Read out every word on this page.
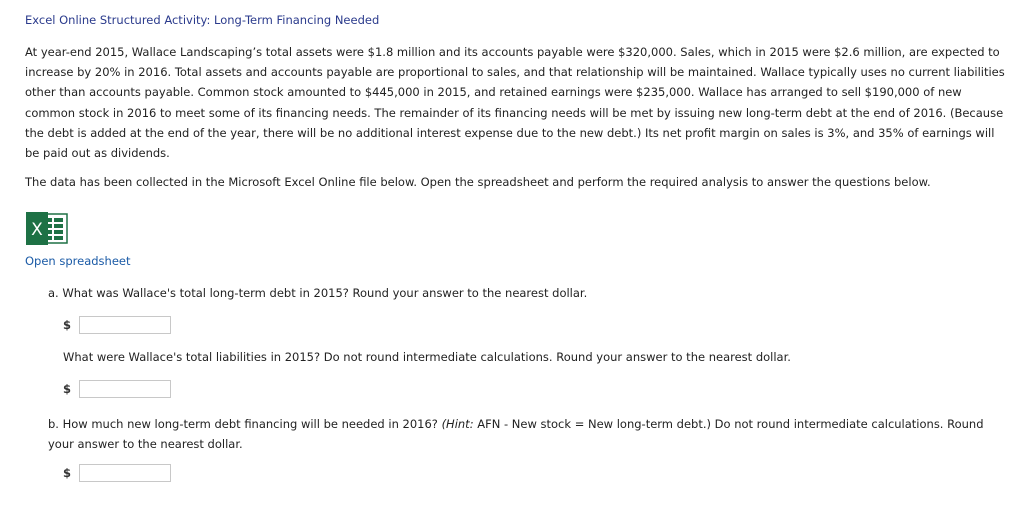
Excel Online Structured Activity: Long-Term Financing Needed
At year-end 2015, Wallace Landscaping’s total assets were $1.8 million and its accounts payable were $320,000. Sales, which in 2015 were $2.6 million, are expected to increase by 20% in 2016. Total assets and accounts payable are proportional to sales, and that relationship will be maintained. Wallace typically uses no current liabilities other than accounts payable. Common stock amounted to $445,000 in 2015, and retained earnings were $235,000. Wallace has arranged to sell $190,000 of new common stock in 2016 to meet some of its financing needs. The remainder of its financing needs will be met by issuing new long-term debt at the end of 2016. (Because the debt is added at the end of the year, there will be no additional interest expense due to the new debt.) Its net profit margin on sales is 3%, and 35% of earnings will be paid out as dividends.
The data has been collected in the Microsoft Excel Online file below. Open the spreadsheet and perform the required analysis to answer the questions below.
X
Open spreadsheet
a. What was Wallace's total long-term debt in 2015? Round your answer to the nearest dollar.
$
What were Wallace's total liabilities in 2015? Do not round intermediate calculations. Round your answer to the nearest dollar.
$
b. How much new long-term debt financing will be needed in 2016? (Hint: AFN - New stock = New long-term debt.) Do not round intermediate calculations. Round your answer to the nearest dollar.
$
